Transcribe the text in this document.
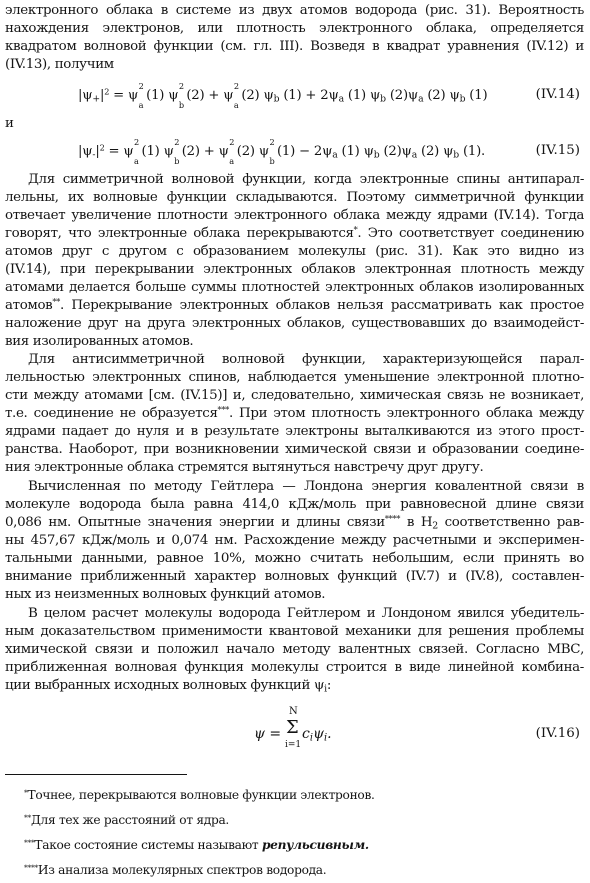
электронного облака в системе из двух атомов водорода (рис. 31). Вероятность
нахождения электронов, или плотность электронного облака, определяется
квадратом волновой функции (см. гл. III). Возведя в квадрат уравнения (IV.12) и
(IV.13), получим
$|\psi_+|^2 = \psi$
2
a
(1) ψ
2
b
(2) + ψ
2
a
(2) $\psi_b$ $(1) + 2\psi_a$ (1) $\psi_b$ $(2)\psi_a$ (2) $\psi_b$ (1)	(IV.14)
и
$|\psi_-|^2 = \psi$
2
a
(1) ψ
2
b
(2) + ψ
2
a
(2) ψ
2
b
$(1) - 2\psi_a$ (1) $\psi_b$ $(2)\psi_a$ (2) $\psi_b$ (1).	(IV.15)
Для симметричной волновой функции, когда электронные спины антипарал-
лельны, их волновые функции складываются. Поэтому симметричной функции
отвечает увеличение плотности электронного облака между ядрами (IV.14). Тогда
говорят, что электронные облака перекрываются*. Это соответствует соединению
атомов друг с другом с образованием молекулы (рис. 31). Как это видно из
(IV.14), при перекрывании электронных облаков электронная плотность между
атомами делается больше суммы плотностей электронных облаков изолированных
атомов**. Перекрывание электронных облаков нельзя рассматривать как простое
наложение друг на друга электронных облаков, существовавших до взаимодейст-
вия изолированных атомов.
Для антисимметричной волновой функции, характеризующейся парал-
лельностью электронных спинов, наблюдается уменьшение электронной плотно-
сти между атомами [см. (IV.15)] и, следовательно, химическая связь не возникает,
т.е. соединение не образуется***. При этом плотность электронного облака между
ядрами падает до нуля и в результате электроны выталкиваются из этого прост-
ранства. Наоборот, при возникновении химической связи и образовании соедине-
ния электронные облака стремятся вытянуться навстречу друг другу.
Вычисленная по методу Гейтлера — Лондона энергия ковалентной связи в
молекуле водорода была равна 414,0 кДж/моль при равновесной длине связи
0,086 нм. Опытные значения энергии и длины связи**** в $H_2$ соответственно рав-
ны 457,67 кДж/моль и 0,074 нм. Расхождение между расчетными и эксперимен-
тальными данными, равное 10%, можно считать небольшим, если принять во
внимание приближенный характер волновых функций (IV.7) и (IV.8), составлен-
ных из неизменных волновых функций атомов.
В целом расчет молекулы водорода Гейтлером и Лондоном явился убедитель-
ным доказательством применимости квантовой механики для решения проблемы
химической связи и положил начало методу валентных связей. Согласно МВС,
приближенная волновая функция молекулы строится в виде линейной комбина-
ции выбранных исходных волновых функций $\psi_i$:
ψ =
N
Σ
i=1
$c_i\psi_i$.	(IV.16)
*Точнее, перекрываются волновые функции электронов.
**Для тех же расстояний от ядра.
***Такое состояние системы называют репульсивным.
****Из анализа молекулярных спектров водорода.
